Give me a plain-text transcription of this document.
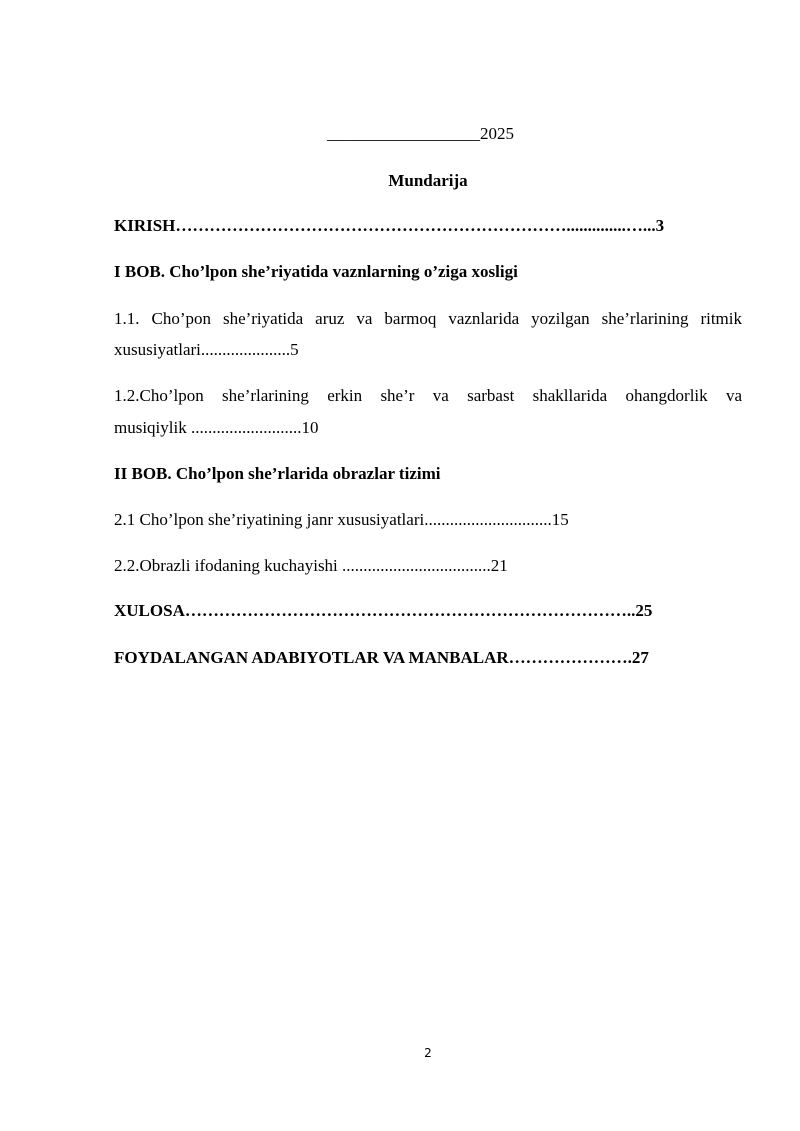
__________________2025
Mundarija
KIRISH……………………………………………………………..............…...3
I BOB. Cho’lpon she’riyatida vaznlarning o’ziga xosligi
1.1. Cho’pon she’riyatida aruz va barmoq vaznlarida yozilgan she’rlarining ritmik
xususiyatlari.....................5
1.2.Cho’lpon she’rlarining erkin she’r va sarbast shakllarida ohangdorlik va
musiqiylik ..........................10
II BOB. Cho’lpon she’rlarida obrazlar tizimi
2.1 Cho’lpon she’riyatining janr xususiyatlari..............................15
2.2.Obrazli ifodaning kuchayishi ...................................21
XULOSA……………………………………………………………………..25
FOYDALANGAN ADABIYOTLAR VA MANBALAR………………….27
2
